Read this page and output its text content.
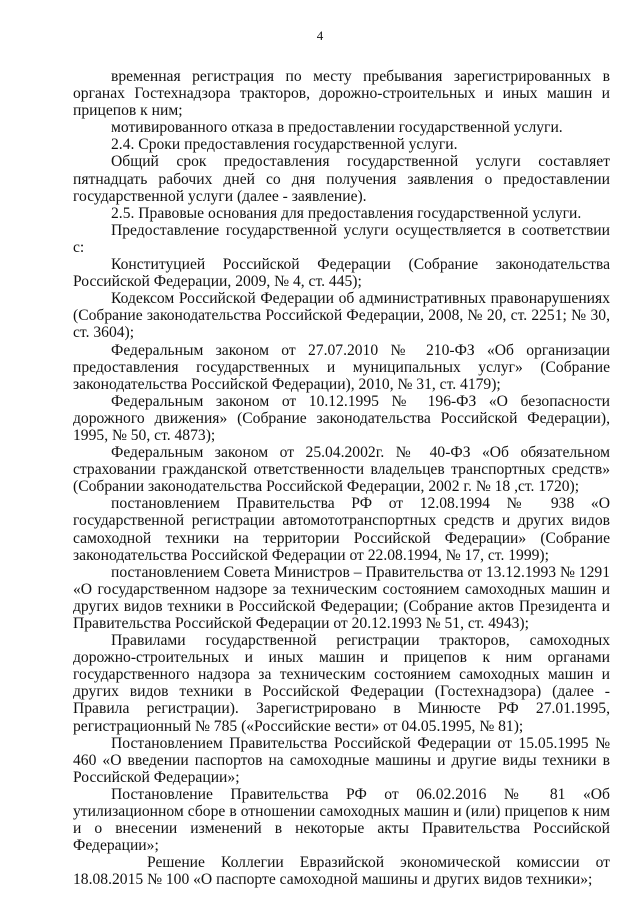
4

временная регистрация по месту пребывания зарегистрированных в органах Гостехнадзора тракторов, дорожно-строительных и иных машин и прицепов к ним;

мотивированного отказа в предоставлении государственной услуги.

2.4. Сроки предоставления государственной услуги.

Общий срок предоставления государственной услуги составляет пятнадцать рабочих дней со дня получения заявления о предоставлении государственной услуги (далее - заявление).

2.5. Правовые основания для предоставления государственной услуги.

Предоставление государственной услуги осуществляется в соответствии с:

Конституцией Российской Федерации (Собрание законодательства Российской Федерации, 2009, № 4, ст. 445);

Кодексом Российской Федерации об административных правонарушениях (Собрание законодательства Российской Федерации, 2008, № 20, ст. 2251; № 30, ст. 3604);

Федеральным законом от 27.07.2010 № 210-ФЗ «Об организации предоставления государственных и муниципальных услуг» (Собрание законодательства Российской Федерации), 2010, № 31, ст. 4179);

Федеральным законом от 10.12.1995 № 196-ФЗ «О безопасности дорожного движения» (Собрание законодательства Российской Федерации), 1995, № 50, ст. 4873);

Федеральным законом от 25.04.2002г. № 40-ФЗ «Об обязательном страховании гражданской ответственности владельцев транспортных средств» (Собрании законодательства Российской Федерации, 2002 г. № 18 ,ст. 1720);

постановлением Правительства РФ от 12.08.1994 № 938 «О государственной регистрации автомототранспортных средств и других видов самоходной техники на территории Российской Федерации» (Собрание законодательства Российской Федерации от 22.08.1994, № 17, ст. 1999);

постановлением Совета Министров – Правительства от 13.12.1993 № 1291 «О государственном надзоре за техническим состоянием самоходных машин и других видов техники в Российской Федерации; (Собрание актов Президента и Правительства Российской Федерации от 20.12.1993 № 51, ст. 4943);

Правилами государственной регистрации тракторов, самоходных дорожно-строительных и иных машин и прицепов к ним органами государственного надзора за техническим состоянием самоходных машин и других видов техники в Российской Федерации (Гостехнадзора) (далее - Правила регистрации). Зарегистрировано в Минюсте РФ 27.01.1995, регистрационный № 785 («Российские вести» от 04.05.1995, № 81);

Постановлением Правительства Российской Федерации от 15.05.1995 № 460 «О введении паспортов на самоходные машины и другие виды техники в Российской Федерации»;

Постановление Правительства РФ от 06.02.2016 № 81 «Об утилизационном сборе в отношении самоходных машин и (или) прицепов к ним и о внесении изменений в некоторые акты Правительства Российской Федерации»;

Решение Коллегии Евразийской экономической комиссии от 18.08.2015 № 100 «О паспорте самоходной машины и других видов техники»;
